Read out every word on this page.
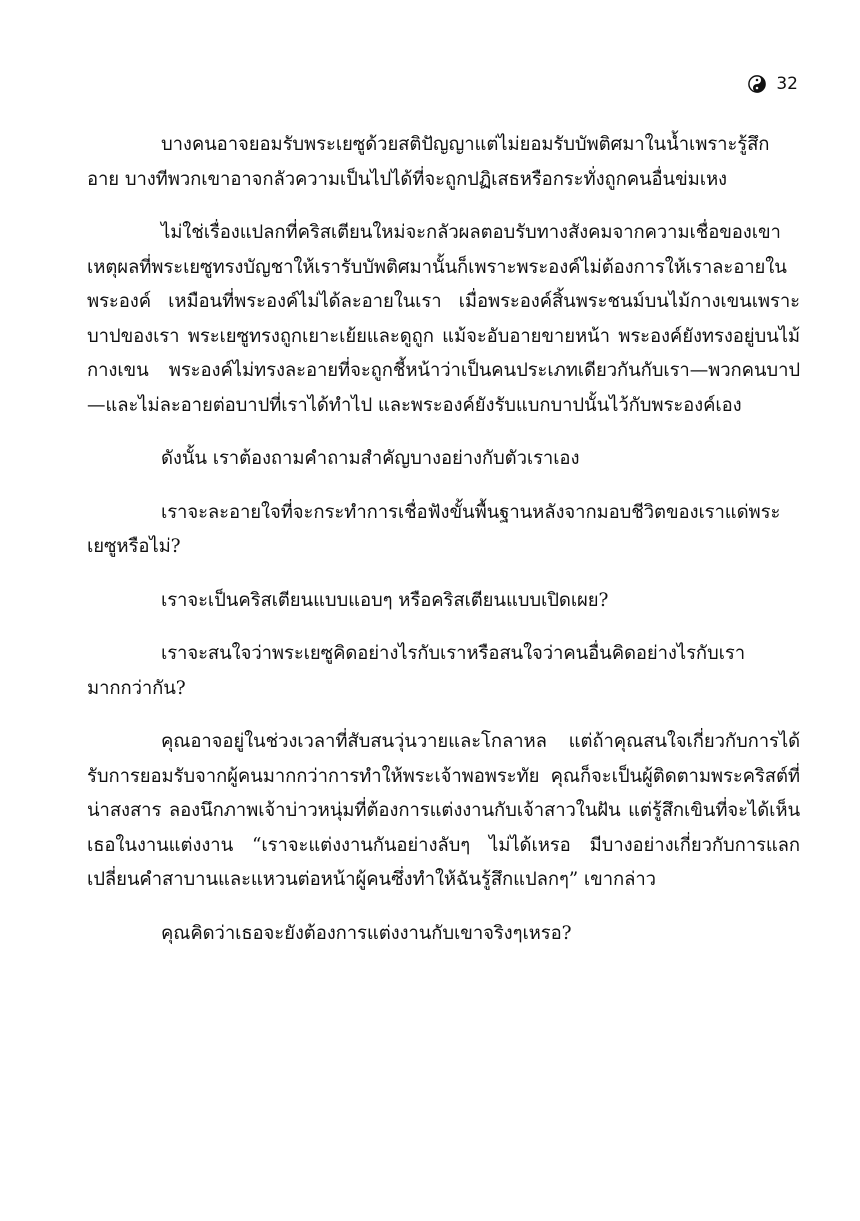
32

บางคนอาจยอมรับพระเยซูด้วยสติปัญญาแต่ไม่ยอมรับบัพติศมาในน้ำเพราะรู้สึกอาย บางทีพวกเขาอาจกลัวความเป็นไปได้ที่จะถูกปฏิเสธหรือกระทั่งถูกคนอื่นข่มเหง

ไม่ใช่เรื่องแปลกที่คริสเตียนใหม่จะกลัวผลตอบรับทางสังคมจากความเชื่อของเขา เหตุผลที่พระเยซูทรงบัญชาให้เรารับบัพติศมานั้นก็เพราะพระองค์ไม่ต้องการให้เราละอายในพระองค์ เหมือนที่พระองค์ไม่ได้ละอายในเรา เมื่อพระองค์สิ้นพระชนม์บนไม้กางเขนเพราะบาปของเรา พระเยซูทรงถูกเยาะเย้ยและดูถูก แม้จะอับอายขายหน้า พระองค์ยังทรงอยู่บนไม้กางเขน พระองค์ไม่ทรงละอายที่จะถูกชี้หน้าว่าเป็นคนประเภทเดียวกันกับเรา—พวกคนบาป—และไม่ละอายต่อบาปที่เราได้ทำไป และพระองค์ยังรับแบกบาปนั้นไว้กับพระองค์เอง

ดังนั้น เราต้องถามคำถามสำคัญบางอย่างกับตัวเราเอง

เราจะละอายใจที่จะกระทำการเชื่อฟังขั้นพื้นฐานหลังจากมอบชีวิตของเราแด่พระเยซูหรือไม่?

เราจะเป็นคริสเตียนแบบแอบๆ หรือคริสเตียนแบบเปิดเผย?

เราจะสนใจว่าพระเยซูคิดอย่างไรกับเราหรือสนใจว่าคนอื่นคิดอย่างไรกับเรามากกว่ากัน?

คุณอาจอยู่ในช่วงเวลาที่สับสนวุ่นวายและโกลาหล แต่ถ้าคุณสนใจเกี่ยวกับการได้รับการยอมรับจากผู้คนมากกว่าการทำให้พระเจ้าพอพระทัย คุณก็จะเป็นผู้ติดตามพระคริสต์ที่น่าสงสาร ลองนึกภาพเจ้าบ่าวหนุ่มที่ต้องการแต่งงานกับเจ้าสาวในฝัน แต่รู้สึกเขินที่จะได้เห็นเธอในงานแต่งงาน “เราจะแต่งงานกันอย่างลับๆ ไม่ได้เหรอ มีบางอย่างเกี่ยวกับการแลกเปลี่ยนคำสาบานและแหวนต่อหน้าผู้คนซึ่งทำให้ฉันรู้สึกแปลกๆ” เขากล่าว

คุณคิดว่าเธอจะยังต้องการแต่งงานกับเขาจริงๆเหรอ?
